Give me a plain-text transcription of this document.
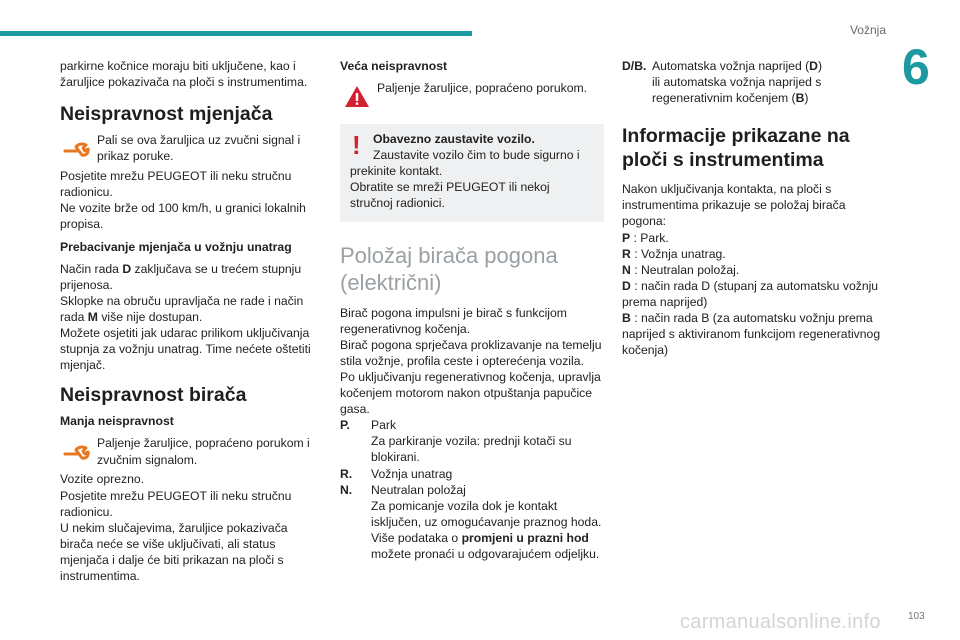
Vožnja
6

parkirne kočnice moraju biti uključene, kao i žaruljice pokazivača na ploči s instrumentima.

Neispravnost mjenjača

Pali se ova žaruljica uz zvučni signal i prikaz poruke.

Posjetite mrežu PEUGEOT ili neku stručnu radionicu.
Ne vozite brže od 100 km/h, u granici lokalnih propisa.

Prebacivanje mjenjača u vožnju unatrag

Način rada D zaključava se u trećem stupnju prijenosa.
Sklopke na obruču upravljača ne rade i način rada M više nije dostupan.
Možete osjetiti jak udarac prilikom uključivanja stupnja za vožnju unatrag. Time nećete oštetiti mjenjač.

Neispravnost birača

Manja neispravnost

Paljenje žaruljice, popraćeno porukom i zvučnim signalom.

Vozite oprezno.
Posjetite mrežu PEUGEOT ili neku stručnu radionicu.
U nekim slučajevima, žaruljice pokazivača birača neće se više uključivati, ali status mjenjača i dalje će biti prikazan na ploči s instrumentima.

Veća neispravnost

Paljenje žaruljice, popraćeno porukom.

! Obavezno zaustavite vozilo.

Zaustavite vozilo čim to bude sigurno i prekinite kontakt.

Obratite se mreži PEUGEOT ili nekoj stručnoj radionici.

Položaj birača pogona (električni)

Birač pogona impulsni je birač s funkcijom regenerativnog kočenja.
Birač pogona sprječava proklizavanje na temelju stila vožnje, profila ceste i opterećenja vozila.
Po uključivanju regenerativnog kočenja, upravlja kočenjem motorom nakon otpuštanja papučice gasa.

P.	Park
Za parkiranje vozila: prednji kotači su blokirani.
R.	Vožnja unatrag
N.	Neutralan položaj
Za pomicanje vozila dok je kontakt isključen, uz omogućavanje praznog hoda.
Više podataka o promjeni u prazni hod
možete pronaći u odgovarajućem odjeljku.
D/B. Automatska vožnja naprijed (D)
ili automatska vožnja naprijed s regenerativnim kočenjem (B)

Informacije prikazane na ploči s instrumentima

Nakon uključivanja kontakta, na ploči s instrumentima prikazuje se položaj birača pogona:

P : Park.

R : Vožnja unatrag.

N : Neutralan položaj.

D : način rada D (stupanj za automatsku vožnju prema naprijed)

B : način rada B (za automatsku vožnju prema naprijed s aktiviranom funkcijom regenerativnog kočenja)

carmanualsonline.info	103
